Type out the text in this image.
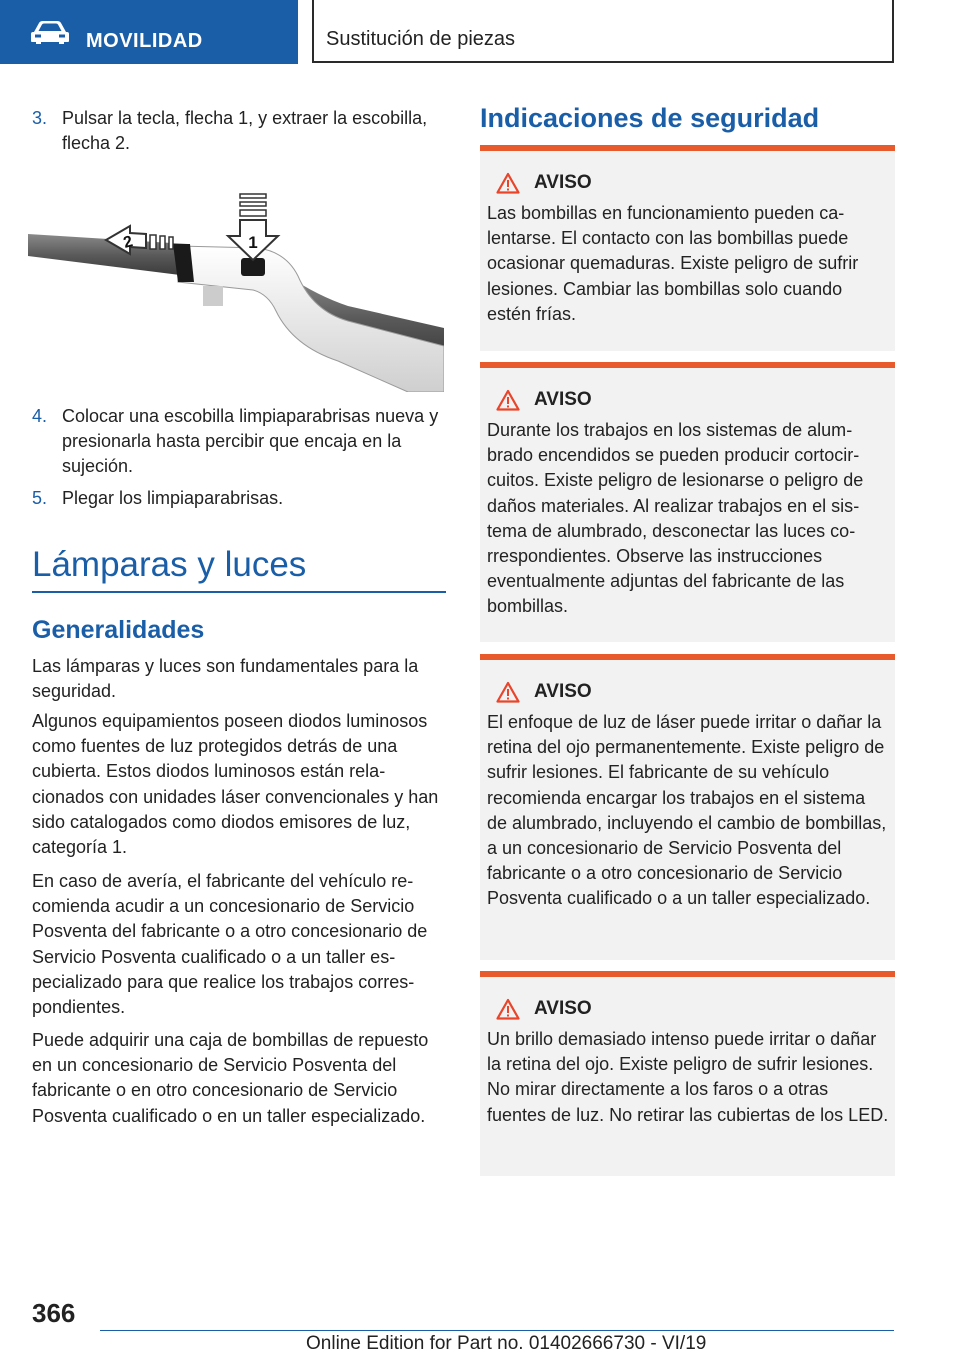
MOVILIDAD	Sustitución de piezas
3. Pulsar la tecla, flecha 1, y extraer la escobilla, flecha 2.
1
2
4. Colocar una escobilla limpiaparabrisas nueva y presionarla hasta percibir que encaja en la sujeción.
5. Plegar los limpiaparabrisas.
Lámparas y luces
Generalidades

Las lámparas y luces son fundamentales para la seguridad.

Algunos equipamientos poseen diodos luminosos como fuentes de luz protegidos detrás de una cubierta. Estos diodos luminosos están relacionados con unidades láser convencionales y han sido catalogados como diodos emisores de luz, categoría 1.

En caso de avería, el fabricante del vehículo recomienda acudir a un concesionario de Servicio Posventa del fabricante o a otro concesionario de Servicio Posventa cualificado o a un taller especializado para que realice los trabajos correspondientes.

Puede adquirir una caja de bombillas de repuesto en un concesionario de Servicio Posventa del fabricante o en otro concesionario de Servicio Posventa cualificado o en un taller especializado.

Indicaciones de seguridad
AVISO

Las bombillas en funcionamiento pueden calentarse. El contacto con las bombillas puede ocasionar quemaduras. Existe peligro de sufrir lesiones. Cambiar las bombillas solo cuando estén frías.

AVISO

Durante los trabajos en los sistemas de alumbrado encendidos se pueden producir cortocircuitos. Existe peligro de lesionarse o peligro de daños materiales. Al realizar trabajos en el sistema de alumbrado, desconectar las luces correspondientes. Observe las instrucciones eventualmente adjuntas del fabricante de las bombillas.

AVISO

El enfoque de luz de láser puede irritar o dañar la retina del ojo permanentemente. Existe peligro de sufrir lesiones. El fabricante de su vehículo recomienda encargar los trabajos en el sistema de alumbrado, incluyendo el cambio de bombillas, a un concesionario de Servicio Posventa del fabricante o a otro concesionario de Servicio Posventa cualificado o a un taller especializado.

AVISO

Un brillo demasiado intenso puede irritar o dañar la retina del ojo. Existe peligro de sufrir lesiones. No mirar directamente a los faros o a otras fuentes de luz. No retirar las cubiertas de los LED.

366
Online Edition for Part no. 01402666730 - VI/19
